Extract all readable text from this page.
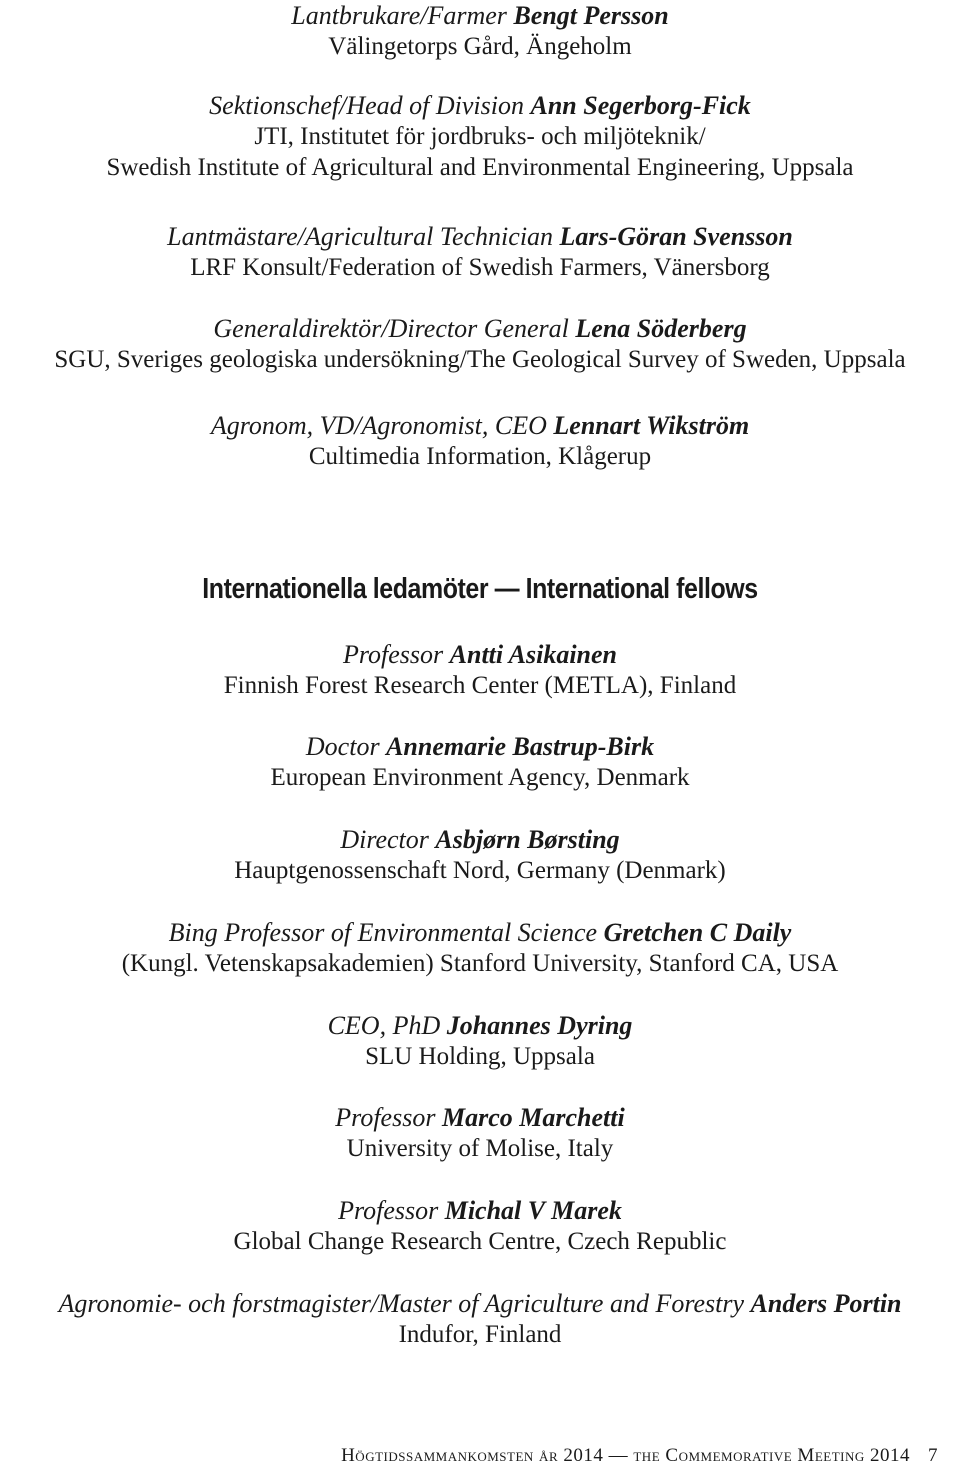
Lantbrukare/Farmer Bengt Persson
Välingetorps Gård, Ängeholm
Sektionschef/Head of Division Ann Segerborg-Fick
JTI, Institutet för jordbruks- och miljöteknik/
Swedish Institute of Agricultural and Environmental Engineering, Uppsala
Lantmästare/Agricultural Technician Lars-Göran Svensson
LRF Konsult/Federation of Swedish Farmers, Vänersborg
Generaldirektör/Director General Lena Söderberg
SGU, Sveriges geologiska undersökning/The Geological Survey of Sweden, Uppsala
Agronom, VD/Agronomist, CEO Lennart Wikström
Cultimedia Information, Klågerup
Internationella ledamöter — International fellows
Professor Antti Asikainen
Finnish Forest Research Center (METLA), Finland
Doctor Annemarie Bastrup-Birk
European Environment Agency, Denmark
Director Asbjørn Børsting
Hauptgenossenschaft Nord, Germany (Denmark)
Bing Professor of Environmental Science Gretchen C Daily
(Kungl. Vetenskapsakademien) Stanford University, Stanford CA, USA
CEO, PhD Johannes Dyring
SLU Holding, Uppsala
Professor Marco Marchetti
University of Molise, Italy
Professor Michal V Marek
Global Change Research Centre, Czech Republic
Agronomie- och forstmagister/Master of Agriculture and Forestry Anders Portin
Indufor, Finland
Högtidssammankomsten år 2014 — the Commemorative Meeting 2014 7
